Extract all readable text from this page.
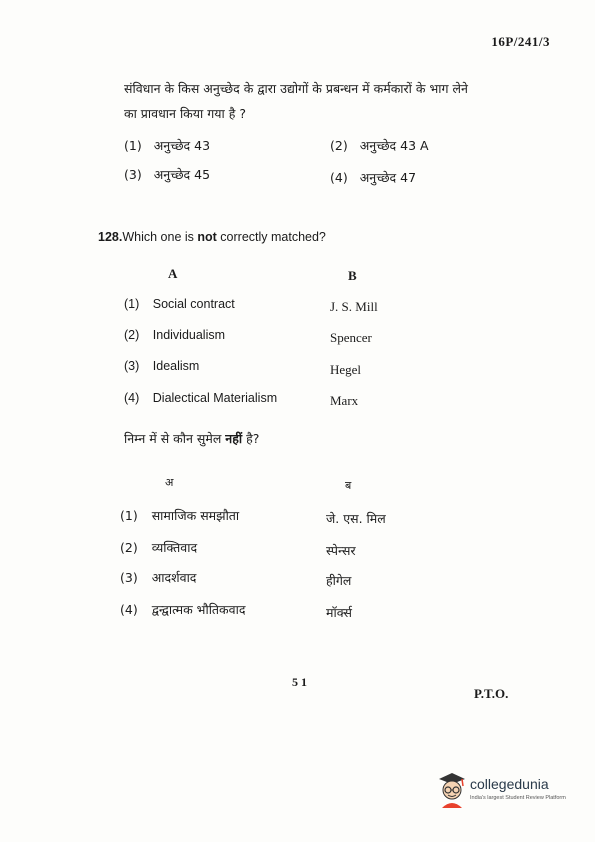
16P/241/3
संविधान के किस अनुच्छेद के द्वारा उद्योगों के प्रबन्धन में कर्मकारों के भाग लेने
का प्रावधान किया गया है ?
(1) अनुच्छेद 43	(2) अनुच्छेद 43 A
(3) अनुच्छेद 45	(4) अनुच्छेद 47
128.Which one is not correctly matched?
A	B
(1) Social contract	J. S. Mill
(2) Individualism	Spencer
(3) Idealism	Hegel
(4) Dialectical Materialism	Marx
निम्न में से कौन सुमेल नहीं है?
अ	ब
(1) सामाजिक समझौता	जे. एस. मिल
(2) व्यक्तिवाद	स्पेन्सर
(3) आदर्शवाद	हीगेल
(4) द्वन्द्वात्मक भौतिकवाद	मॉर्क्स
5 1
P.T.O.
collegedunia
India's largest Student Review Platform
